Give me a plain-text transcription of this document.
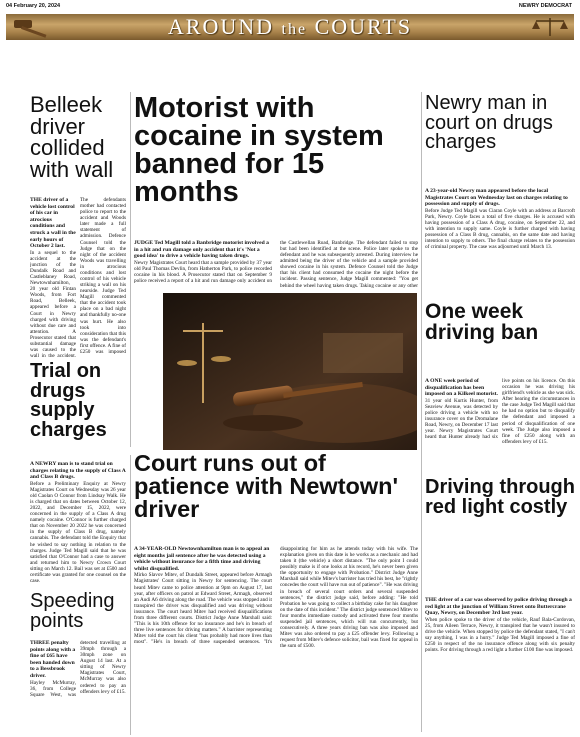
04 February 20, 2024	NEWRY DEMOCRAT
AROUND the COURTS
Belleek driver collided with wall

THE driver of a vehicle lost control of his car in atrocious conditions and struck a wall in the early hours of October 2 last.

In a sequel to the accident at the junction of the Dundalk Road and Castleblaney Road, Newtownhamilton, 20 year old Fintan Woods, from Fort Road, Belleek, appeared before a Court in Newry charged with driving without due care and attention. A Prosecutor stated that substantial damage was caused to the wall in the accident. The defendants mother had contacted police to report to the accident and Woods later made a full statement of admission. Defence Counsel told the Judge that on the night of the accident Woods was travelling in atrocious conditions and lost control of his vehicle striking a wall on his nearside. Judge Ted Magill commented that the accident took place on a bad night and thankfully no-one was hurt. He also took into consideration that this was the defendant's first offence. A fine of £250 was imposed

Trial on drugs supply charges

A NEWRY man is to stand trial on charges relating to the supply of Class A and Class B drugs.

Before a Preliminary Enquiry at Newry Magistrates Court on Wednesday was 26 year old Caolan O Connor from Lindsay Walk. He is charged that on dates between October 12, 2022, and December 15, 2022, were concerned in the supply of a Class A drug namely cocaine. O'Connor is further charged that on November 20 2022 he was concerned in the supply of Class B drug, namely cannabis. The defendant told the Enquiry that he wished to say nothing in relation to the charges. Judge Ted Magill said that he was satisfied that O'Connor had a case to answer and returned him to Newry Crown Court sitting on March 12. Bail was set at £500 and certificate was granted for one counsel on the case.

Speeding points

THREE penalty points along with a fine of £65 have been handed down to a Bessbrook driver.

Hayley McMurray, 36, from College Square West, was detected travelling at 39mph through a 30mph zone on August 14 last. At a sitting of Newry Magistrates Court, McMurray was also ordered to pay an offenders levy of £15.

Motorist with cocaine in system banned for 15 months

JUDGE Ted Magill told a Banbridge motorist involved a in a hit and run damage only accident that it's 'Not a good idea' to drive a vehicle having taken drugs.

Newry Magistrates Court heard that a sample provided by 37 year old Paul Thomas Devlin, from Hatherton Park, to police recorded cocaine in his blood. A Prosecutor stated that on September 9 police received a report of a hit and run damage only accident on the Castlewellan Road, Banbridge. The defendant failed to stop but had been identified at the scene. Police later spoke to the defendant and he was subsequently arrested. During interview he admitted being the driver of the vehicle and a sample provided showed cocaine in his system. Defence Counsel told the Judge that his client had consumed the cocaine the night before the incident. Passing sentence, Judge Magill commented: "You get behind the wheel having taken drugs. Taking cocaine or any other

Court runs out of patience with Newtown' driver

A 34-YEAR-OLD Newtownhamilton man is to appeal an eight months jail sentence after he was detected using a vehicle without insurance for a fifth time and driving whilst disqualified.

Mirko Slavov Mitev, of Dundalk Street, appeared before Armagh Magistrates' Court sitting in Newry for sentencing. The court heard Mitev came to police attention at 9pm on August 17, last year, after officers on patrol at Edward Street, Armagh, observed an Audi A6 driving along the road. The vehicle was stopped and it transpired the driver was disqualified and was driving without insurance. The court heard Mitev had received disqualifications from three different courts. District Judge Anne Marshall said: "This is his 10th offence for no insurance and he's in breach of three live sentences for driving matters." A barrister representing Mitev told the court his client "has probably had more lives than most". "He's in breach of three suspended sentences. "It's disappointing for him as he attends today with his wife. The explanation given on this date is he works as a mechanic and had taken it (the vehicle) a short distance. "The only point I could possibly make is if one looks at his record, he's never been given the opportunity to engage with Probation." District Judge Anne Marshall said while Mitev's barrister has tried his best, he "rightly concedes the court will have run out of patience". "He was driving in breach of several court orders and several suspended sentences," the district judge said, before adding: "He told Probation he was going to collect a birthday cake for his daughter on the date of this incident." The district judge sentenced Mitev to four months immediate custody and activated three four months suspended jail sentences, which will run concurrently, but consecutively. A three years driving ban was also imposed and Mitev was also ordered to pay a £25 offender levy. Following a request from Mitev's defence solicitor, bail was fixed for appeal in the sum of £500.

Newry man in court on drugs charges

A 23-year-old Newry man appeared before the local Magistrates Court on Wednesday last on charges relating to possession and supply of drugs.

Before Judge Ted Magill was Ciaran Coyle with an address at Barcroft Park, Newry. Coyle faces a total of five charges. He is accused with having possession of a Class A drug, cocaine, on September 22, and with intention to supply same. Coyle is further charged with having possession of a Class B drug, cannabis, on the same date and having intention to supply to others. The final charge relates to the possession of criminal property. The case was adjourned until March 13.

One week driving ban

A ONE week period of disqualification has been imposed on a Kilkeel motorist.

31 year old Kurtis Hunter, from Seaview Avenue, was detected by police driving a vehicle with no insurance cover on the Dromalane Road, Newry, on December 17 last year. Newry Magistrates Court heard that Hunter already had six live points on his licence. On this occasion he was driving his girlfriend's vehicle as she was sick. After hearing the circumstances in the case Judge Ted Magill said that he had no option but to disqualify the defendant and imposed a period of disqualification of one week. The Judge also imposed a fine of £250 along with an offenders levy of £15.

Driving through red light costly

THE driver of a car was observed by police driving through a red light at the junction of William Street onto Buttercrane Quay, Newry, on December 3rd last year.

When police spoke to the driver of the vehicle, Rauf Bala-Cordovan, 25, from Aileen Terrace, Newry, it transpired that he wasn't insured to drive the vehicle. When stopped by police the defendant stated, "I can't say anything, I was in a hurry." Judge Ted Magill imposed a fine of £250 in respect of the no insurance offence along with six penalty points. For driving through a red light a further £100 fine was imposed.
